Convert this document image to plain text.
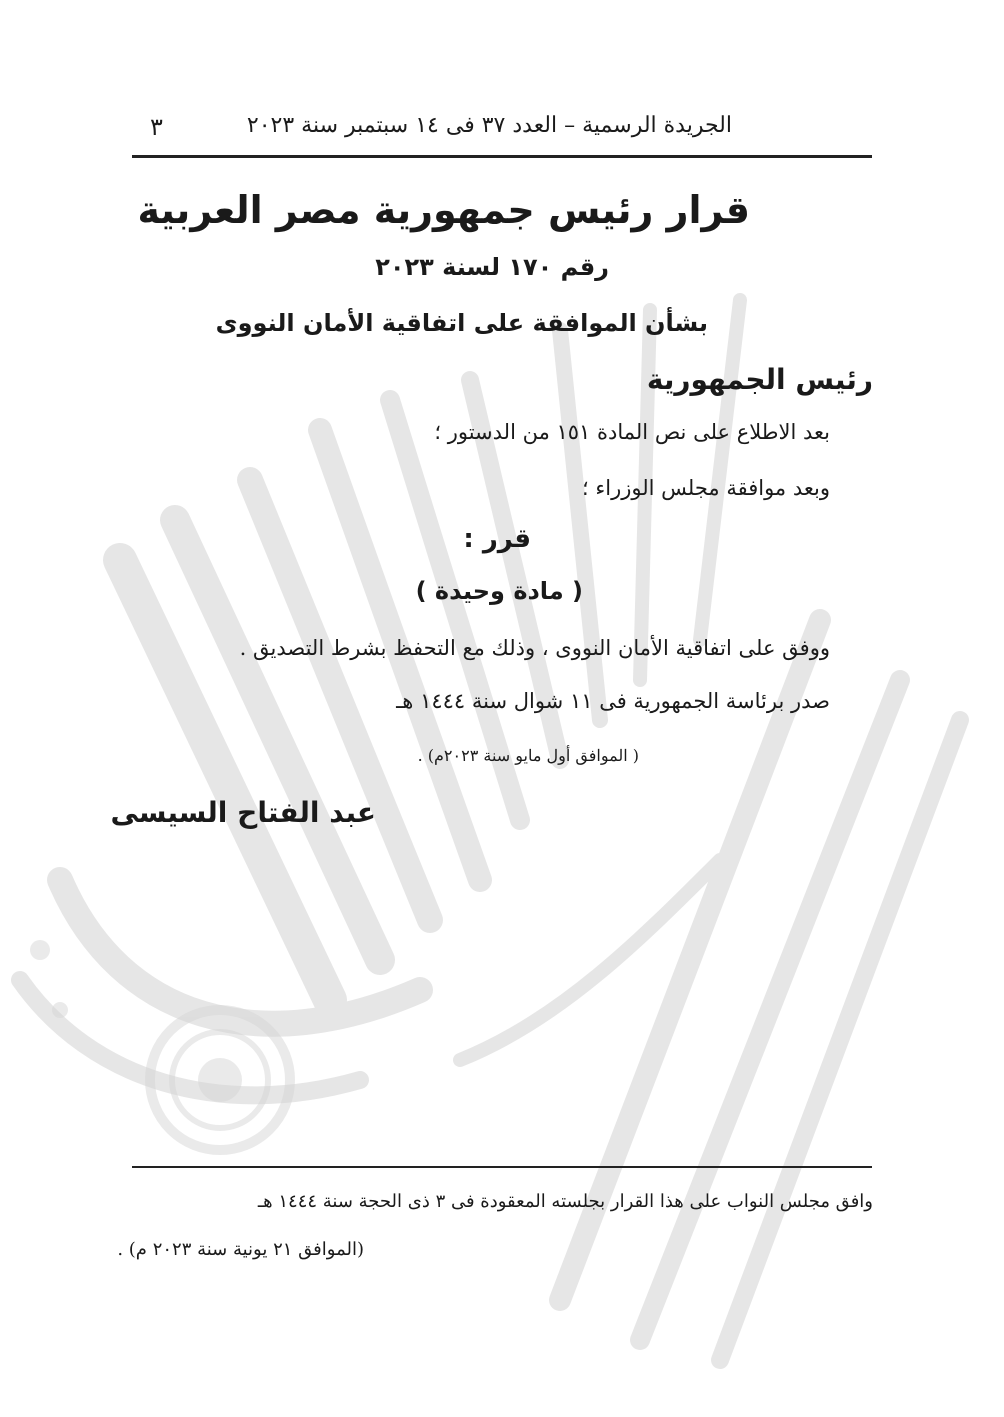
الجريدة الرسمية – العدد ٣٧ فى ١٤ سبتمبر سنة ٢٠٢٣
٣
قرار رئيس جمهورية مصر العربية
رقم ١٧٠ لسنة ٢٠٢٣
بشأن الموافقة على اتفاقية الأمان النووى
رئيس الجمهورية
بعد الاطلاع على نص المادة ١٥١ من الدستور ؛
وبعد موافقة مجلس الوزراء ؛
قرر :
( مادة وحيدة )
ووفق على اتفاقية الأمان النووى ، وذلك مع التحفظ بشرط التصديق .
صدر برئاسة الجمهورية فى ١١ شوال سنة ١٤٤٤ هـ
( الموافق أول مايو سنة ٢٠٢٣م) .
عبد الفتاح السيسى
وافق مجلس النواب على هذا القرار بجلسته المعقودة فى ٣ ذى الحجة سنة ١٤٤٤ هـ
(الموافق ٢١ يونية سنة ٢٠٢٣ م) .
